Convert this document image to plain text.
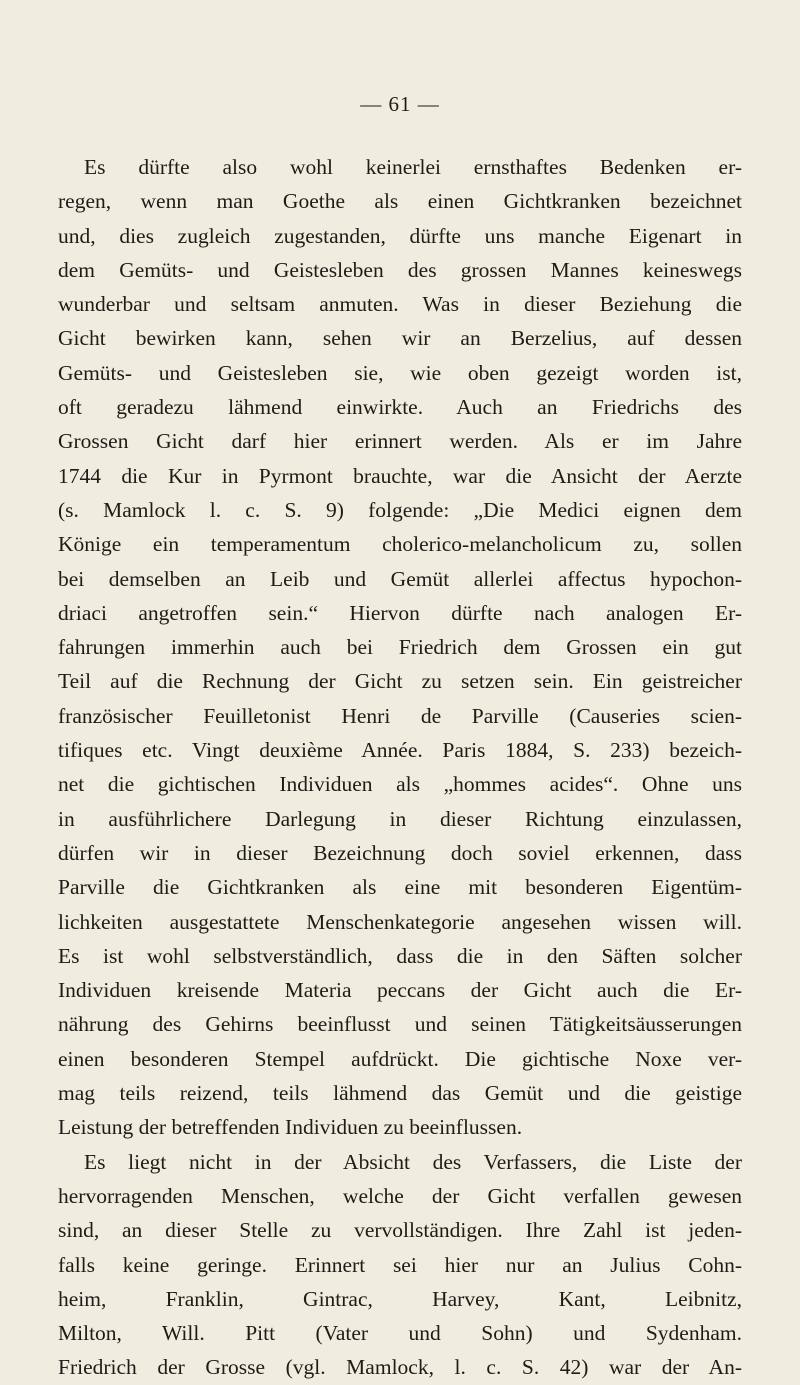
— 61 —
Es dürfte also wohl keinerlei ernsthaftes Bedenken er-
regen, wenn man Goethe als einen Gichtkranken bezeichnet
und, dies zugleich zugestanden, dürfte uns manche Eigenart in
dem Gemüts- und Geistesleben des grossen Mannes keineswegs
wunderbar und seltsam anmuten. Was in dieser Beziehung die
Gicht bewirken kann, sehen wir an Berzelius, auf dessen
Gemüts- und Geistesleben sie, wie oben gezeigt worden ist,
oft geradezu lähmend einwirkte. Auch an Friedrichs des
Grossen Gicht darf hier erinnert werden. Als er im Jahre
1744 die Kur in Pyrmont brauchte, war die Ansicht der Aerzte
(s. Mamlock l. c. S. 9) folgende: „Die Medici eignen dem
Könige ein temperamentum cholerico-melancholicum zu, sollen
bei demselben an Leib und Gemüt allerlei affectus hypochon-
driaci angetroffen sein.“ Hiervon dürfte nach analogen Er-
fahrungen immerhin auch bei Friedrich dem Grossen ein gut
Teil auf die Rechnung der Gicht zu setzen sein. Ein geistreicher
französischer Feuilletonist Henri de Parville (Causeries scien-
tifiques etc. Vingt deuxième Année. Paris 1884, S. 233) bezeich-
net die gichtischen Individuen als „hommes acides“. Ohne uns
in ausführlichere Darlegung in dieser Richtung einzulassen,
dürfen wir in dieser Bezeichnung doch soviel erkennen, dass
Parville die Gichtkranken als eine mit besonderen Eigentüm-
lichkeiten ausgestattete Menschenkategorie angesehen wissen will.
Es ist wohl selbstverständlich, dass die in den Säften solcher
Individuen kreisende Materia peccans der Gicht auch die Er-
nährung des Gehirns beeinflusst und seinen Tätigkeitsäusserungen
einen besonderen Stempel aufdrückt. Die gichtische Noxe ver-
mag teils reizend, teils lähmend das Gemüt und die geistige
Leistung der betreffenden Individuen zu beeinflussen.
Es liegt nicht in der Absicht des Verfassers, die Liste der
hervorragenden Menschen, welche der Gicht verfallen gewesen
sind, an dieser Stelle zu vervollständigen. Ihre Zahl ist jeden-
falls keine geringe. Erinnert sei hier nur an Julius Cohn-
heim, Franklin, Gintrac, Harvey, Kant, Leibnitz,
Milton, Will. Pitt (Vater und Sohn) und Sydenham.
Friedrich der Grosse (vgl. Mamlock, l. c. S. 42) war der An-
